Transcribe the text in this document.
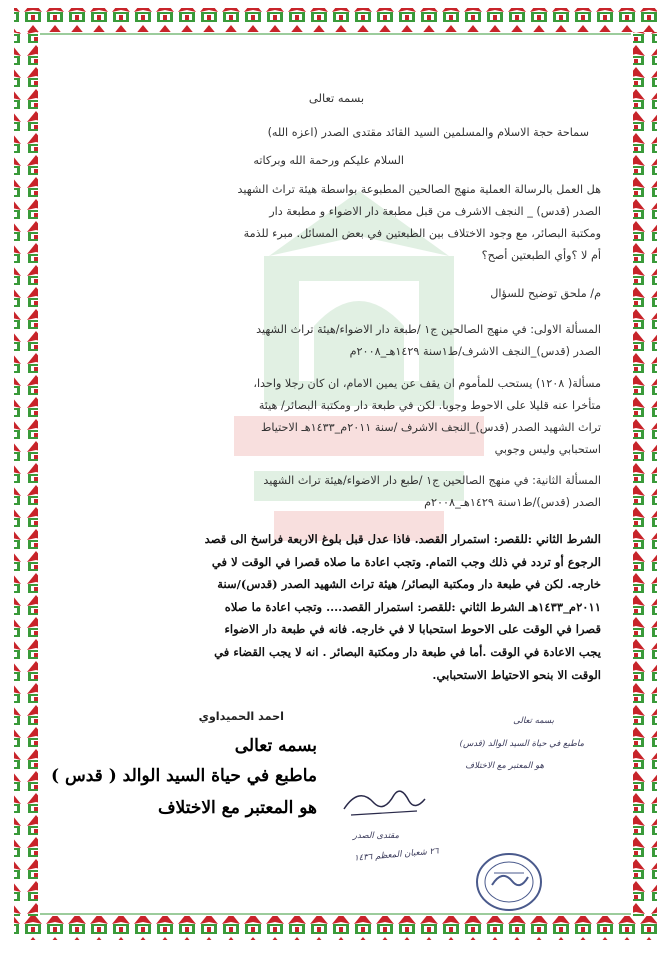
بسمه تعالى
سماحة حجة الاسلام والمسلمين السيد القائد مقتدى الصدر (اعزه الله)
السلام عليكم ورحمة الله وبركاته
هل العمل بالرسالة العملية منهج الصالحين المطبوعة بواسطة هيئة تراث الشهيد
الصدر (قدس) _ النجف الاشرف من قبل مطبعة دار الاضواء و مطبعة دار
ومكتبة البصائر، مع وجود الاختلاف بين الطبعتين في بعض المسائل. مبرء للذمة
أم لا ؟وأي الطبعتين أصح؟
م/ ملحق توضيح للسؤال
المسألة الاولى: في منهج الصالحين ج١ /طبعة دار الاضواء/هيئة تراث الشهيد
الصدر (قدس)_النجف الاشرف/ط١سنة ١٤٢٩هـ_٢٠٠٨م
مسألة( ١٢٠٨) يستحب للمأموم ان يقف عن يمين الامام، ان كان رجلا واحدا،
متأخرا عنه قليلا على الاحوط وجوبا. لكن في طبعة دار ومكتبة البصائر/ هيئة
تراث الشهيد الصدر (قدس)_النجف الاشرف /سنة ٢٠١١م_١٤٣٣هـ الاحتياط
استحبابي وليس وجوبي
المسألة الثانية: في منهج الصالحين ج١ /طبع دار الاضواء/هيئة تراث الشهيد
الصدر (قدس)/ط١سنة ١٤٢٩هـ_٢٠٠٨م
الشرط الثاني :للقصر: استمرار القصد. فاذا عدل قبل بلوغ الاربعة فراسخ الى قصد
الرجوع أو تردد في ذلك وجب التمام. وتجب اعادة ما صلاه قصرا في الوقت لا في
خارجه. لكن في طبعة دار ومكتبة البصائر/ هيئة تراث الشهيد الصدر (قدس)/سنة
٢٠١١م_١٤٣٣هـ الشرط الثاني :للقصر: استمرار القصد.... وتجب اعادة ما صلاه
قصرا في الوقت على الاحوط استحبابا لا في خارجه. فانه في طبعة دار الاضواء
يجب الاعادة في الوقت .أما في طبعة دار ومكتبة البصائر . انه لا يجب القضاء في
الوقت الا بنحو الاحتياط الاستحبابي.
احمد الحميداوي
بسمه تعالى
ماطبع في حياة السيد الوالد ( قدس )
هو المعتبر مع الاختلاف
بسمه تعالى
ماطبع في حياة السيد الوالد (قدس)
هو المعتبر مع الاختلاف
مقتدى الصدر
٢٦ شعبان المعظم ١٤٣٦
